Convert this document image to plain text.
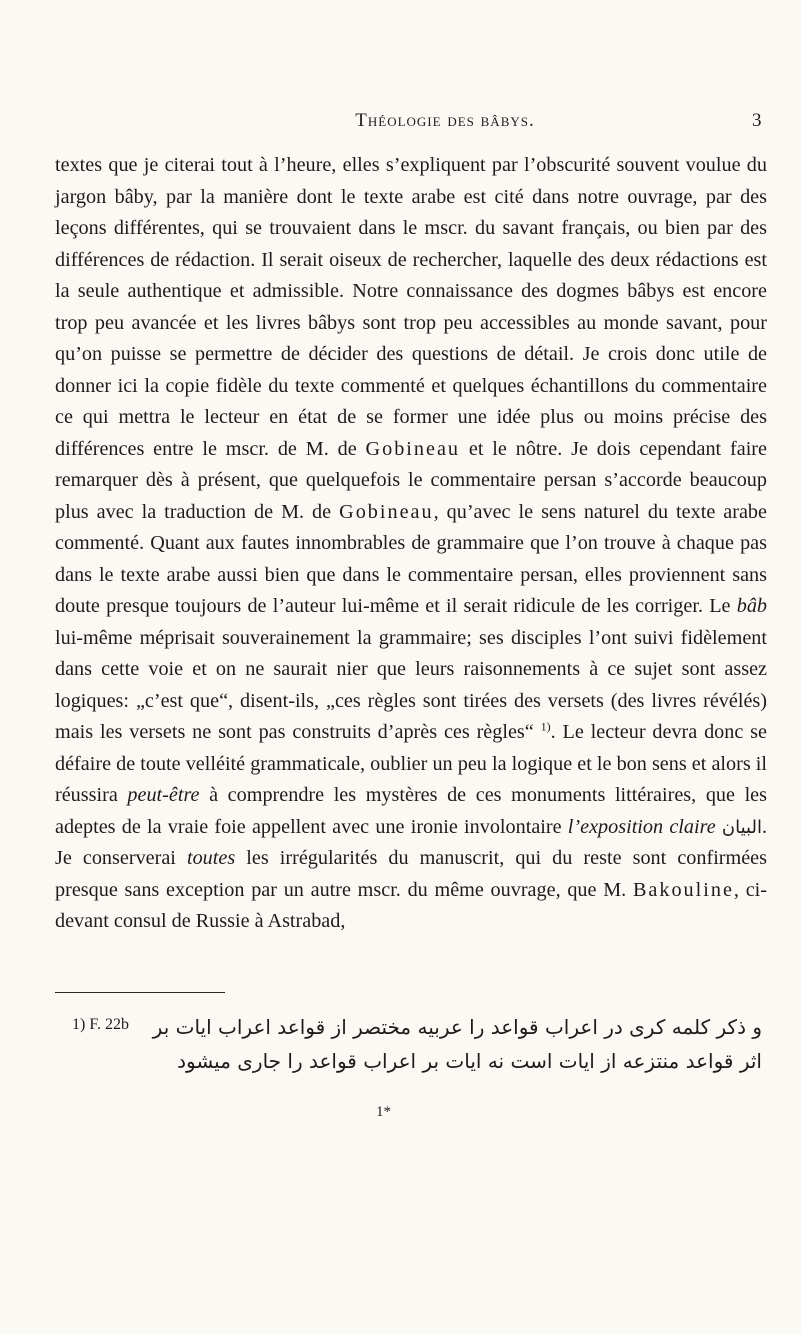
Théologie des bâbys.	3

textes que je citerai tout à l’heure, elles s’expliquent par l’obscurité souvent voulue du jargon bâby, par la manière dont le texte arabe est cité dans notre ouvrage, par des leçons différentes, qui se trouvaient dans le mscr. du savant français, ou bien par des différences de rédaction. Il serait oiseux de rechercher, laquelle des deux rédactions est la seule authentique et admissible. Notre connaissance des dogmes bâbys est encore trop peu avancée et les livres bâbys sont trop peu accessibles au monde savant, pour qu’on puisse se permettre de décider des questions de détail. Je crois donc utile de donner ici la copie fidèle du texte commenté et quelques échantillons du commentaire ce qui mettra le lecteur en état de se former une idée plus ou moins précise des différences entre le mscr. de M. de Gobineau et le nôtre. Je dois cependant faire remarquer dès à présent, que quelquefois le commentaire persan s’accorde beaucoup plus avec la traduction de M. de Gobineau, qu’avec le sens naturel du texte arabe commenté. Quant aux fautes innombrables de grammaire que l’on trouve à chaque pas dans le texte arabe aussi bien que dans le commentaire persan, elles proviennent sans doute presque toujours de l’auteur lui-même et il serait ridicule de les corriger. Le bâb lui-même méprisait souverainement la grammaire; ses disciples l’ont suivi fidèlement dans cette voie et on ne saurait nier que leurs raisonnements à ce sujet sont assez logiques: „c’est que“, disent-ils, „ces règles sont tirées des versets (des livres révélés) mais les versets ne sont pas construits d’après ces règles“ $^{1)}$. Le lecteur devra donc se défaire de toute velléité grammaticale, oublier un peu la logique et le bon sens et alors il réussira peut-être à comprendre les mystères de ces monuments littéraires, que les adeptes de la vraie foie appellent avec une ironie involontaire l’exposition claire البيان. Je conserverai toutes les irrégularités du manuscrit, qui du reste sont confirmées presque sans exception par un autre mscr. du même ouvrage, que M. Bakouline, ci-devant consul de Russie à Astrabad,

1) F. 22b	و ذكر كلمه كرى در اعراب قواعد را عربيه مختصر از قواعد اعراب ايات بر اثر قواعد منتزعه از ايات است نه ايات بر اعراب قواعد را جارى ميشود
1*
